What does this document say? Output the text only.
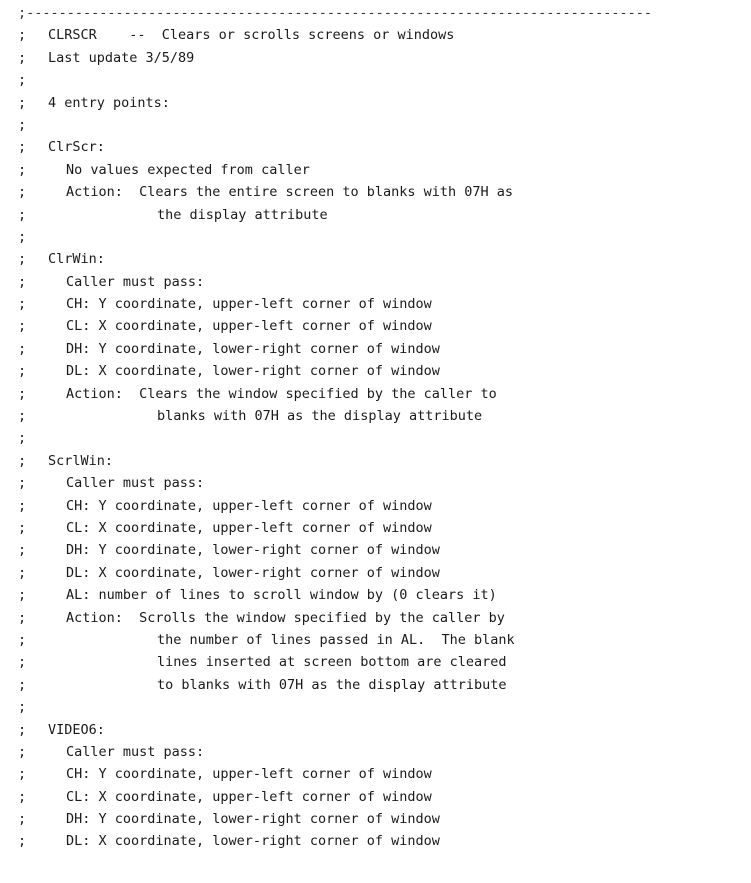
;-----------------------------------------------------------------------------
;	CLRSCR    --  Clears or scrolls screens or windows
;	Last update 3/5/89
;
;	4 entry points:
;
;	ClrScr:
;	No values expected from caller
;	Action:  Clears the entire screen to blanks with 07H as
;	the display attribute
;
;	ClrWin:
;	Caller must pass:
;	CH: Y coordinate, upper-left corner of window
;	CL: X coordinate, upper-left corner of window
;	DH: Y coordinate, lower-right corner of window
;	DL: X coordinate, lower-right corner of window
;	Action:  Clears the window specified by the caller to
;	blanks with 07H as the display attribute
;
;	ScrlWin:
;	Caller must pass:
;	CH: Y coordinate, upper-left corner of window
;	CL: X coordinate, upper-left corner of window
;	DH: Y coordinate, lower-right corner of window
;	DL: X coordinate, lower-right corner of window
;	AL: number of lines to scroll window by (0 clears it)
;	Action:  Scrolls the window specified by the caller by
;	the number of lines passed in AL.  The blank
;	lines inserted at screen bottom are cleared
;	to blanks with 07H as the display attribute
;
;	VIDEO6:
;	Caller must pass:
;	CH: Y coordinate, upper-left corner of window
;	CL: X coordinate, upper-left corner of window
;	DH: Y coordinate, lower-right corner of window
;	DL: X coordinate, lower-right corner of window
